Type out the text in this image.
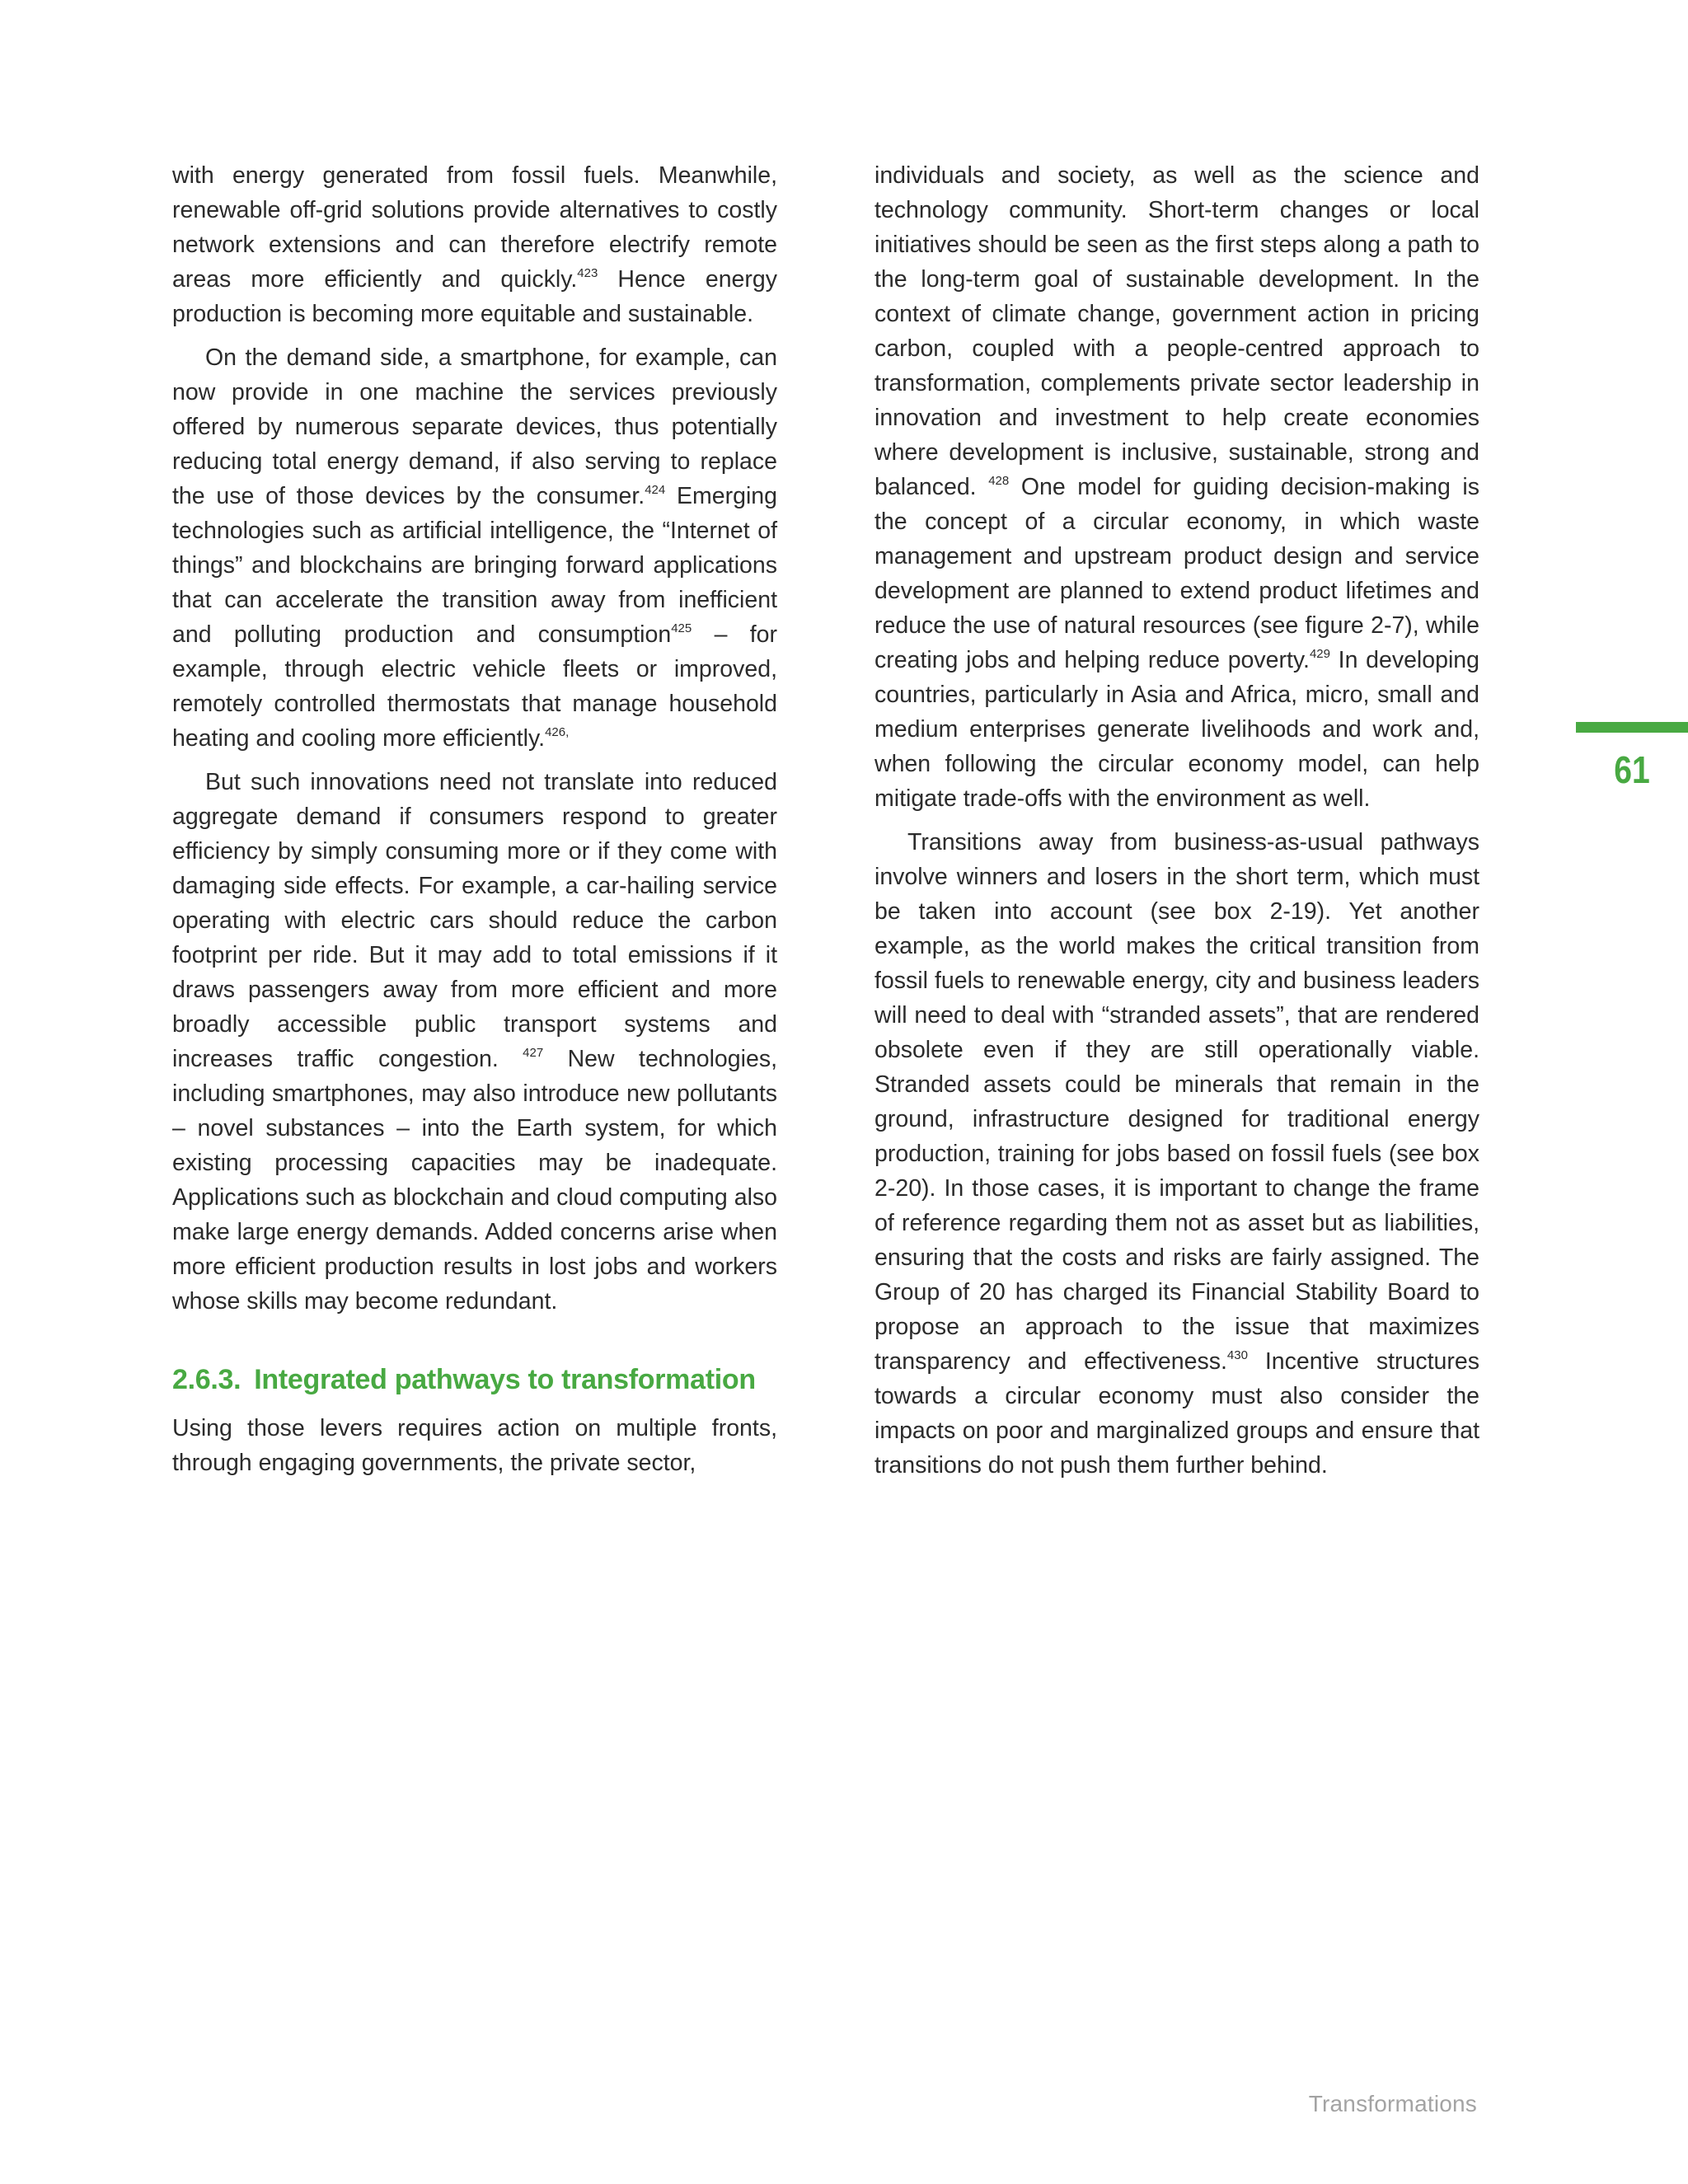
with energy generated from fossil fuels. Meanwhile, renewable off-grid solutions provide alternatives to costly network extensions and can therefore electrify remote areas more efficiently and quickly.$^{423}$ Hence energy production is becoming more equitable and sustainable.

On the demand side, a smartphone, for example, can now provide in one machine the services previously offered by numerous separate devices, thus potentially reducing total energy demand, if also serving to replace the use of those devices by the consumer.$^{424}$ Emerging technologies such as artificial intelligence, the “Internet of things” and blockchains are bringing forward applications that can accelerate the transition away from inefficient and polluting production and consumption$^{425}$ – for example, through electric vehicle fleets or improved, remotely controlled thermostats that manage household heating and cooling more efficiently.$^{426,}$

But such innovations need not translate into reduced aggregate demand if consumers respond to greater efficiency by simply consuming more or if they come with damaging side effects. For example, a car-hailing service operating with electric cars should reduce the carbon footprint per ride. But it may add to total emissions if it draws passengers away from more efficient and more broadly accessible public transport systems and increases traffic congestion. $^{427}$ New technologies, including smartphones, may also introduce new pollutants – novel substances – into the Earth system, for which existing processing capacities may be inadequate. Applications such as blockchain and cloud computing also make large energy demands. Added concerns arise when more efficient production results in lost jobs and workers whose skills may become redundant.

2.6.3. Integrated pathways to transformation

Using those levers requires action on multiple fronts, through engaging governments, the private sector,

individuals and society, as well as the science and technology community. Short-term changes or local initiatives should be seen as the first steps along a path to the long-term goal of sustainable development. In the context of climate change, government action in pricing carbon, coupled with a people-centred approach to transformation, complements private sector leadership in innovation and investment to help create economies where development is inclusive, sustainable, strong and balanced. $^{428}$ One model for guiding decision-making is the concept of a circular economy, in which waste management and upstream product design and service development are planned to extend product lifetimes and reduce the use of natural resources (see figure 2-7), while creating jobs and helping reduce poverty.$^{429}$ In developing countries, particularly in Asia and Africa, micro, small and medium enterprises generate livelihoods and work and, when following the circular economy model, can help mitigate trade-offs with the environment as well.

Transitions away from business-as-usual pathways involve winners and losers in the short term, which must be taken into account (see box 2-19). Yet another example, as the world makes the critical transition from fossil fuels to renewable energy, city and business leaders will need to deal with “stranded assets”, that are rendered obsolete even if they are still operationally viable. Stranded assets could be minerals that remain in the ground, infrastructure designed for traditional energy production, training for jobs based on fossil fuels (see box 2-20). In those cases, it is important to change the frame of reference regarding them not as asset but as liabilities, ensuring that the costs and risks are fairly assigned. The Group of 20 has charged its Financial Stability Board to propose an approach to the issue that maximizes transparency and effectiveness.$^{430}$ Incentive structures towards a circular economy must also consider the impacts on poor and marginalized groups and ensure that transitions do not push them further behind.

61
Transformations
